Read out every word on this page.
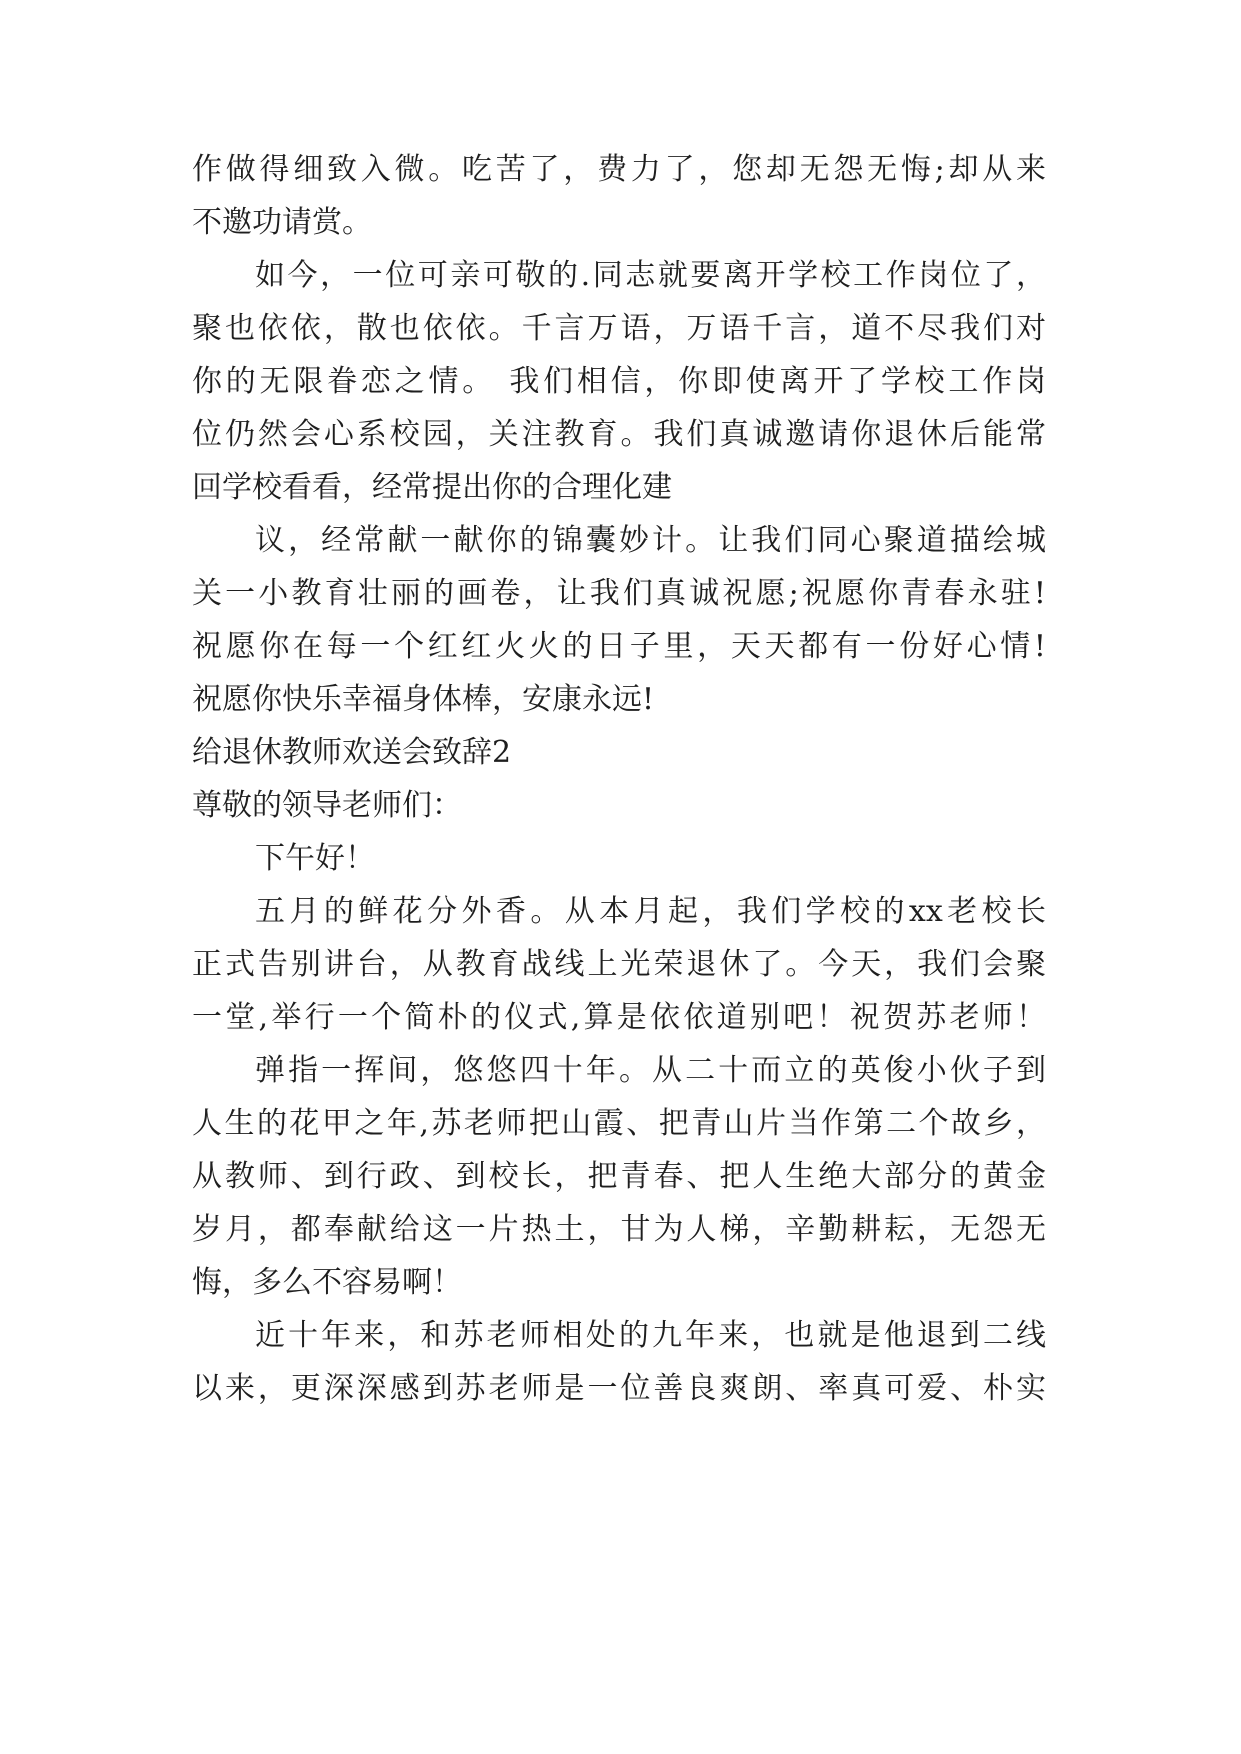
作做得细致入微。吃苦了，费力了，您却无怨无悔;却从来
不邀功请赏。
如今，一位可亲可敬的.同志就要离开学校工作岗位了，
聚也依依，散也依依。千言万语，万语千言，道不尽我们对
你的无限眷恋之情。 我们相信，你即使离开了学校工作岗
位仍然会心系校园，关注教育。我们真诚邀请你退休后能常
回学校看看，经常提出你的合理化建
议，经常献一献你的锦囊妙计。让我们同心聚道描绘城
关一小教育壮丽的画卷，让我们真诚祝愿;祝愿你青春永驻!
祝愿你在每一个红红火火的日子里，天天都有一份好心情!
祝愿你快乐幸福身体棒，安康永远!
给退休教师欢送会致辞2
尊敬的领导老师们：
下午好！
五月的鲜花分外香。从本月起，我们学校的xx老校长
正式告别讲台，从教育战线上光荣退休了。今天，我们会聚
一堂,举行一个简朴的仪式,算是依依道别吧！祝贺苏老师！
弹指一挥间，悠悠四十年。从二十而立的英俊小伙子到
人生的花甲之年,苏老师把山霞、把青山片当作第二个故乡，
从教师、到行政、到校长，把青春、把人生绝大部分的黄金
岁月，都奉献给这一片热土，甘为人梯，辛勤耕耘，无怨无
悔，多么不容易啊！
近十年来，和苏老师相处的九年来，也就是他退到二线
以来，更深深感到苏老师是一位善良爽朗、率真可爱、朴实
